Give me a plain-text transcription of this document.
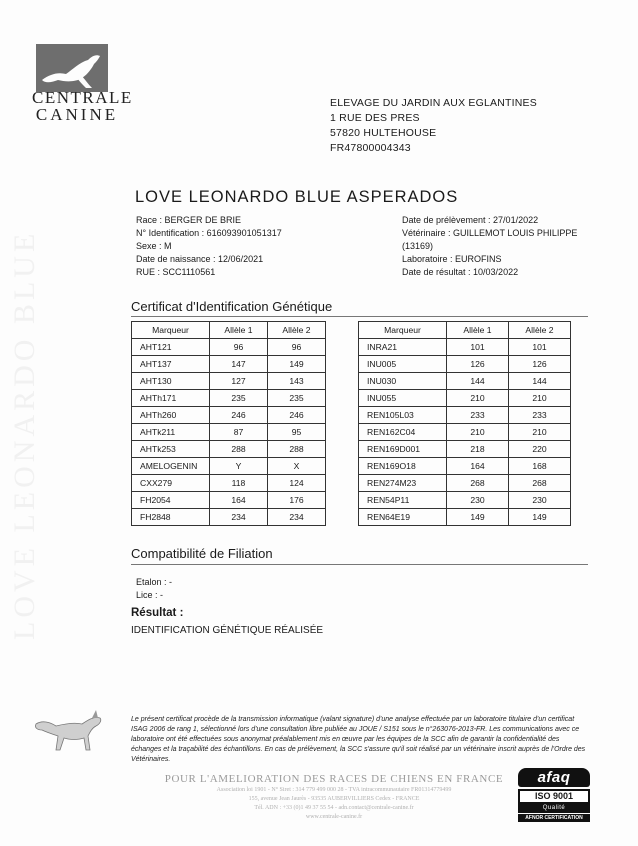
LOVE LEONARDO BLUE
CENTRALE
CANINE
ELEVAGE DU JARDIN AUX EGLANTINES
1 RUE DES PRES
57820 HULTEHOUSE
FR47800004343
LOVE LEONARDO BLUE ASPERADOS
Race : BERGER DE BRIE
N° Identification : 616093901051317
Sexe : M
Date de naissance : 12/06/2021
RUE : SCC1110561
Date de prélèvement : 27/01/2022
Vétérinaire : GUILLEMOT LOUIS PHILIPPE
(13169)
Laboratoire : EUROFINS
Date de résultat : 10/03/2022
Certificat d'Identification Génétique
Marqueur	Allèle 1	Allèle 2
AHT121	96	96
AHT137	147	149
AHT130	127	143
AHTh171	235	235
AHTh260	246	246
AHTk211	87	95
AHTk253	288	288
AMELOGENIN	Y	X
CXX279	118	124
FH2054	164	176
FH2848	234	234
Marqueur	Allèle 1	Allèle 2
INRA21	101	101
INU005	126	126
INU030	144	144
INU055	210	210
REN105L03	233	233
REN162C04	210	210
REN169D001	218	220
REN169O18	164	168
REN274M23	268	268
REN54P11	230	230
REN64E19	149	149
Compatibilité de Filiation
Etalon : -
Lice : -
Résultat :
IDENTIFICATION GÉNÉTIQUE RÉALISÉE
Le présent certificat procède de la transmission informatique (valant signature) d'une analyse effectuée par un laboratoire titulaire d'un certificat ISAG 2006 de rang 1, sélectionné lors d'une consultation libre publiée au JOUE / S151 sous le n°263076-2013-FR. Les communications avec ce laboratoire ont été effectuées sous anonymat préalablement mis en œuvre par les équipes de la SCC afin de garantir la confidentialité des échanges et la traçabilité des échantillons. En cas de prélèvement, la SCC s'assure qu'il soit réalisé par un vétérinaire inscrit auprès de l'Ordre des Vétérinaires.
POUR L'AMELIORATION DES RACES DE CHIENS EN FRANCE
Association loi 1901 - N° Siret : 314 779 499 000 28 - TVA intracommunautaire FR01314779499
155, avenue Jean Jaurès - 93535 AUBERVILLIERS Cedex - FRANCE
Tél. ADN : +33 (0)1 49 37 55 54 - adn.contact@centrale-canine.fr
www.centrale-canine.fr
afaq
ISO 9001
Qualité
AFNOR CERTIFICATION
